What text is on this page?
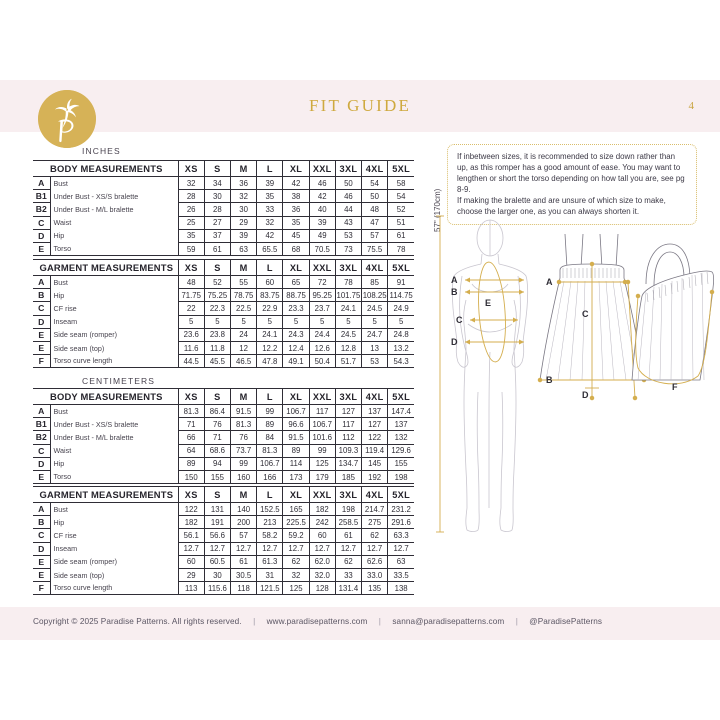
FIT GUIDE	4
INCHES
CENTIMETERS
BODY MEASUREMENTS		XS	S	M	L	XL	XXL	3XL	4XL	5XL
A	Bust	32	34	36	39	42	46	50	54	58
B1	Under Bust - XS/S bralette	28	30	32	35	38	42	46	50	54
B2	Under Bust - M/L bralette	26	28	30	33	36	40	44	48	52
C	Waist	25	27	29	32	35	39	43	47	51
D	Hip	35	37	39	42	45	49	53	57	61
E	Torso	59	61	63	65.5	68	70.5	73	75.5	78
GARMENT MEASUREMENTS		XS	S	M	L	XL	XXL	3XL	4XL	5XL
A	Bust	48	52	55	60	65	72	78	85	91
B	Hip	71.75	75.25	78.75	83.75	88.75	95.25	101.75	108.25	114.75
C	CF rise	22	22.3	22.5	22.9	23.3	23.7	24.1	24.5	24.9
D	Inseam	5	5	5	5	5	5	5	5	5
E	Side seam (romper)	23.6	23.8	24	24.1	24.3	24.4	24.5	24.7	24.8
E	Side seam (top)	11.6	11.8	12	12.2	12.4	12.6	12.8	13	13.2
F	Torso curve length	44.5	45.5	46.5	47.8	49.1	50.4	51.7	53	54.3
BODY MEASUREMENTS		XS	S	M	L	XL	XXL	3XL	4XL	5XL
A	Bust	81.3	86.4	91.5	99	106.7	117	127	137	147.4
B1	Under Bust - XS/S bralette	71	76	81.3	89	96.6	106.7	117	127	137
B2	Under Bust - M/L bralette	66	71	76	84	91.5	101.6	112	122	132
C	Waist	64	68.6	73.7	81.3	89	99	109.3	119.4	129.6
D	Hip	89	94	99	106.7	114	125	134.7	145	155
E	Torso	150	155	160	166	173	179	185	192	198
GARMENT MEASUREMENTS		XS	S	M	L	XL	XXL	3XL	4XL	5XL
A	Bust	122	131	140	152.5	165	182	198	214.7	231.2
B	Hip	182	191	200	213	225.5	242	258.5	275	291.6
C	CF rise	56.1	56.6	57	58.2	59.2	60	61	62	63.3
D	Inseam	12.7	12.7	12.7	12.7	12.7	12.7	12.7	12.7	12.7
E	Side seam (romper)	60	60.5	61	61.3	62	62.0	62	62.6	63
E	Side seam (top)	29	30	30.5	31	32	32.0	33	33.0	33.5
F	Torso curve length	113	115.6	118	121.5	125	128	131.4	135	138

If inbetween sizes, it is recommended to size down rather than up, as this romper has a good amount of ease. You may want to lengthen or short the torso depending on how tall you are, see pg 8-9.
If making the bralette and are unsure of which size to make, choose the larger one, as you can always shorten it.

57" (170cm)
A
B
C
D
E
A
B
C
D
F
Copyright © 2025 Paradise Patterns. All rights reserved. | www.paradisepatterns.com | sanna@paradisepatterns.com | @ParadisePatterns
